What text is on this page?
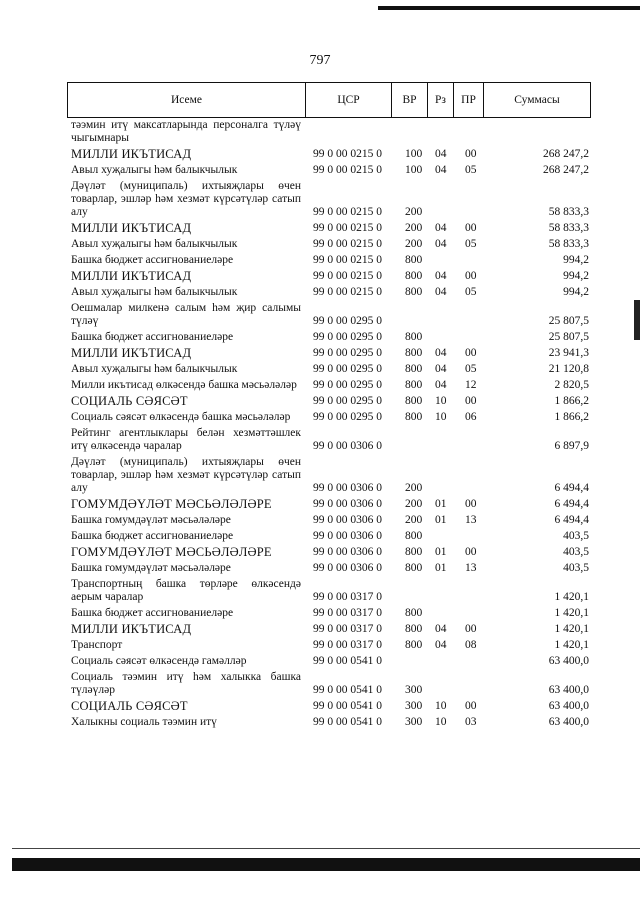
797
Исеме	ЦСР	ВР	Рз	ПР	Суммасы
тәэмин итү максатларында персоналга түләү чыгымнары
МИЛЛИ ИКЪТИСАД	99 0 00 0215 0	100	04	00	268 247,2
Авыл хуҗалыгы һәм балыкчылык	99 0 00 0215 0	100	04	05	268 247,2
Дәүләт (муниципаль) ихтыяҗлары өчен товарлар, эшләр һәм хезмәт күрсәтүләр сатып алу	99 0 00 0215 0	200	58 833,3
МИЛЛИ ИКЪТИСАД	99 0 00 0215 0	200	04	00	58 833,3
Авыл хуҗалыгы һәм балыкчылык	99 0 00 0215 0	200	04	05	58 833,3
Башка бюджет ассигнованиеләре	99 0 00 0215 0	800	994,2
МИЛЛИ ИКЪТИСАД	99 0 00 0215 0	800	04	00	994,2
Авыл хуҗалыгы һәм балыкчылык	99 0 00 0215 0	800	04	05	994,2
Оешмалар милкенә салым һәм җир салымы түләү	99 0 00 0295 0	25 807,5
Башка бюджет ассигнованиеләре	99 0 00 0295 0	800	25 807,5
МИЛЛИ ИКЪТИСАД	99 0 00 0295 0	800	04	00	23 941,3
Авыл хуҗалыгы һәм балыкчылык	99 0 00 0295 0	800	04	05	21 120,8
Милли икътисад өлкәсендә башка мәсьәләләр	99 0 00 0295 0	800	04	12	2 820,5
СОЦИАЛЬ СӘЯСӘТ	99 0 00 0295 0	800	10	00	1 866,2
Социаль сәясәт өлкәсендә башка мәсьәләләр	99 0 00 0295 0	800	10	06	1 866,2
Рейтинг агентлыклары белән хезмәттәшлек итү өлкәсендә чаралар	99 0 00 0306 0	6 897,9
Дәүләт (муниципаль) ихтыяҗлары өчен товарлар, эшләр һәм хезмәт күрсәтүләр сатып алу	99 0 00 0306 0	200	6 494,4
ГОМУМДӘҮЛӘТ МӘСЬӘЛӘЛӘРЕ	99 0 00 0306 0	200	01	00	6 494,4
Башка гомумдәүләт мәсьәләләре	99 0 00 0306 0	200	01	13	6 494,4
Башка бюджет ассигнованиеләре	99 0 00 0306 0	800	403,5
ГОМУМДӘҮЛӘТ МӘСЬӘЛӘЛӘРЕ	99 0 00 0306 0	800	01	00	403,5
Башка гомумдәүләт мәсьәләләре	99 0 00 0306 0	800	01	13	403,5
Транспортның башка төрләре өлкәсендә аерым чаралар	99 0 00 0317 0	1 420,1
Башка бюджет ассигнованиеләре	99 0 00 0317 0	800	1 420,1
МИЛЛИ ИКЪТИСАД	99 0 00 0317 0	800	04	00	1 420,1
Транспорт	99 0 00 0317 0	800	04	08	1 420,1
Социаль сәясәт өлкәсендә гамәлләр	99 0 00 0541 0	63 400,0
Социаль тәэмин итү һәм халыкка башка түләүләр	99 0 00 0541 0	300	63 400,0
СОЦИАЛЬ СӘЯСӘТ	99 0 00 0541 0	300	10	00	63 400,0
Халыкны социаль тәэмин итү	99 0 00 0541 0	300	10	03	63 400,0
